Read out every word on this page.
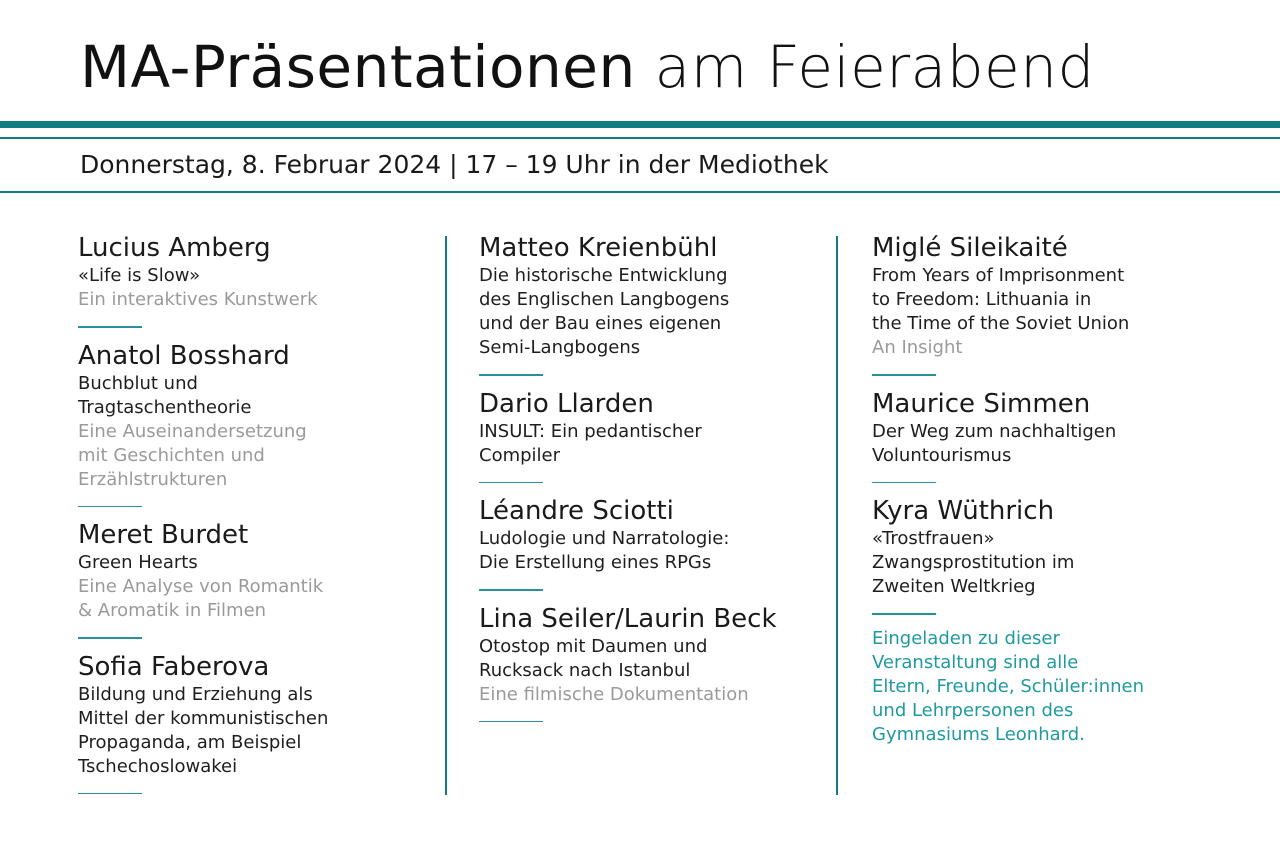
MA-Präsentationen am Feierabend
Donnerstag, 8. Februar 2024 | 17 – 19 Uhr in der Mediothek
Lucius Amberg
«Life is Slow»
Ein interaktives Kunstwerk
Anatol Bosshard
Buchblut und
Tragtaschentheorie
Eine Auseinandersetzung
mit Geschichten und
Erzählstrukturen
Meret Burdet
Green Hearts
Eine Analyse von Romantik
& Aromatik in Filmen
Sofia Faberova
Bildung und Erziehung als
Mittel der kommunistischen
Propaganda, am Beispiel
Tschechoslowakei
Matteo Kreienbühl
Die historische Entwicklung
des Englischen Langbogens
und der Bau eines eigenen
Semi-Langbogens
Dario Llarden
INSULT: Ein pedantischer
Compiler
Léandre Sciotti
Ludologie und Narratologie:
Die Erstellung eines RPGs
Lina Seiler/Laurin Beck
Otostop mit Daumen und
Rucksack nach Istanbul
Eine filmische Dokumentation
Miglé Sileikaité
From Years of Imprisonment
to Freedom: Lithuania in
the Time of the Soviet Union
An Insight
Maurice Simmen
Der Weg zum nachhaltigen
Voluntourismus
Kyra Wüthrich
«Trostfrauen»
Zwangsprostitution im
Zweiten Weltkrieg
Eingeladen zu dieser
Veranstaltung sind alle
Eltern, Freunde, Schüler:innen
und Lehrpersonen des
Gymnasiums Leonhard.
